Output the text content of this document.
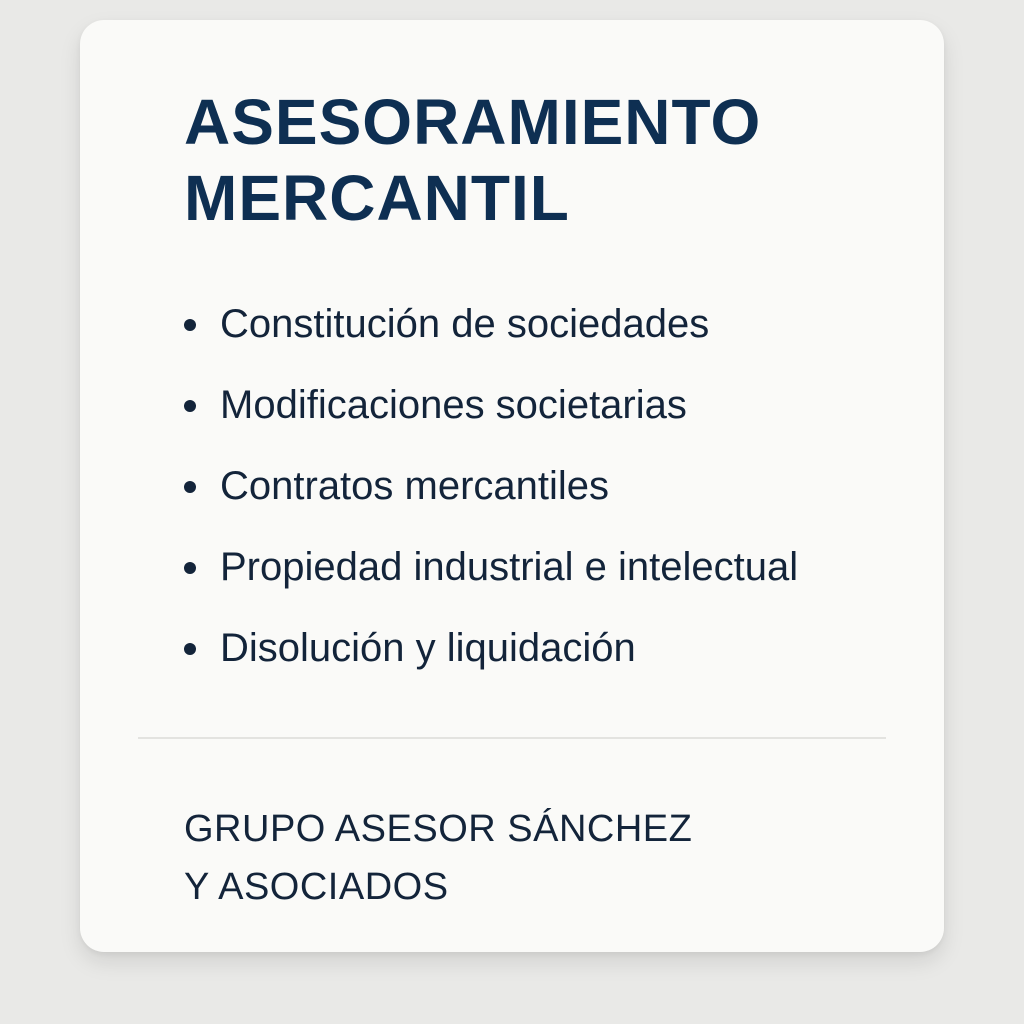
ASESORAMIENTO
MERCANTIL
Constitución de sociedades
Modificaciones societarias
Contratos mercantiles
Propiedad industrial e intelectual
Disolución y liquidación
GRUPO ASESOR SÁNCHEZ
Y ASOCIADOS
